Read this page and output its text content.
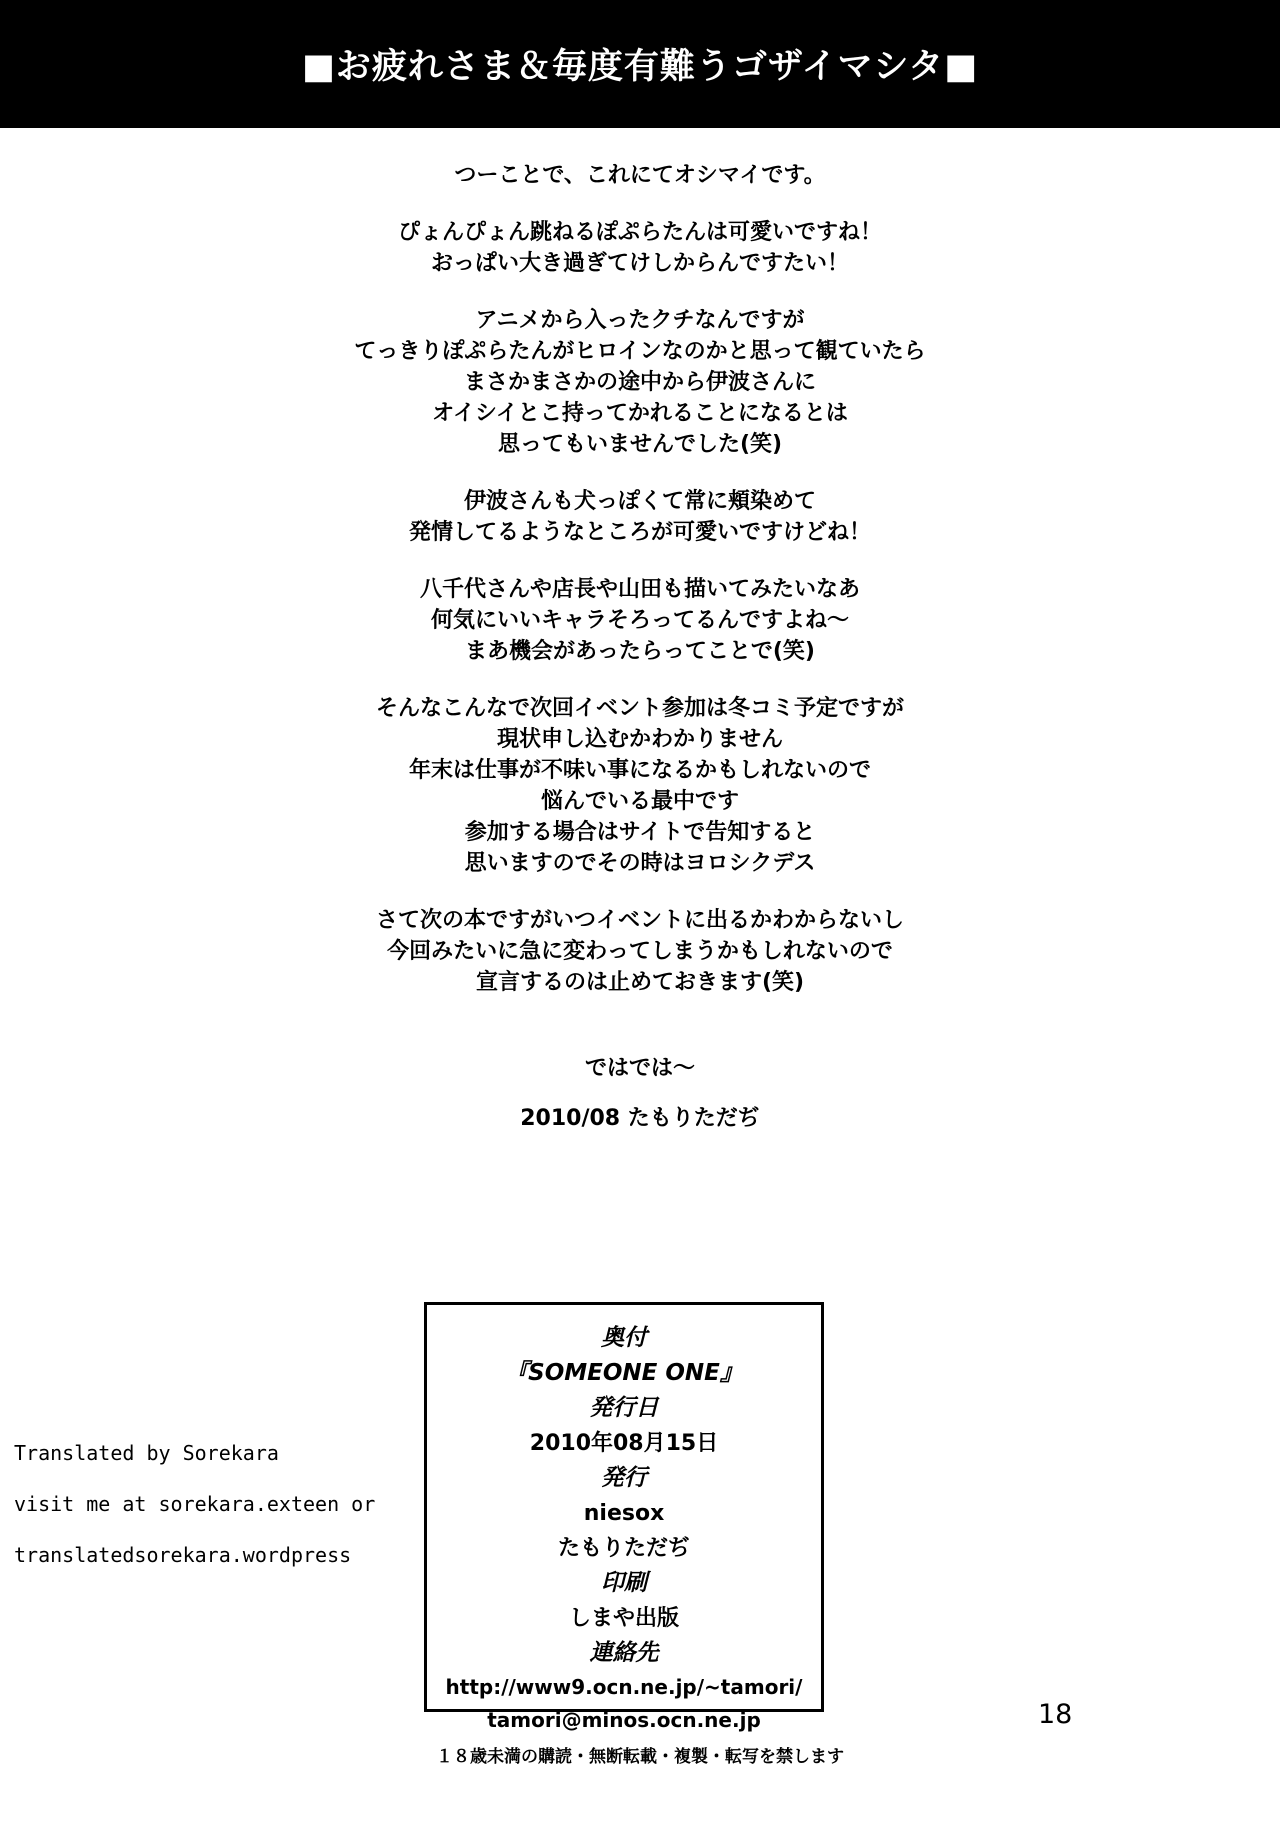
■お疲れさま＆毎度有難うゴザイマシタ■
つーことで、これにてオシマイです。
ぴょんぴょん跳ねるぽぷらたんは可愛いですね！
おっぱい大き過ぎてけしからんですたい！
アニメから入ったクチなんですが
てっきりぽぷらたんがヒロインなのかと思って観ていたら
まさかまさかの途中から伊波さんに
オイシイとこ持ってかれることになるとは
思ってもいませんでした(笑)
伊波さんも犬っぽくて常に頬染めて
発情してるようなところが可愛いですけどね！
八千代さんや店長や山田も描いてみたいなあ
何気にいいキャラそろってるんですよね〜
まあ機会があったらってことで(笑)
そんなこんなで次回イベント参加は冬コミ予定ですが
現状申し込むかわかりません
年末は仕事が不味い事になるかもしれないので
悩んでいる最中です
参加する場合はサイトで告知すると
思いますのでその時はヨロシクデス
さて次の本ですがいつイベントに出るかわからないし
今回みたいに急に変わってしまうかもしれないので
宣言するのは止めておきます(笑)
ではでは〜
2010/08 たもりただぢ
Translated by Sorekara
visit me at sorekara.exteen or
translatedsorekara.wordpress
奥付
『SOMEONE ONE』
発行日
2010年08月15日
発行
niesox
たもりただぢ
印刷
しまや出版
連絡先
http://www9.ocn.ne.jp/~tamori/
tamori@minos.ocn.ne.jp	18
１８歳未満の購読・無断転載・複製・転写を禁します
